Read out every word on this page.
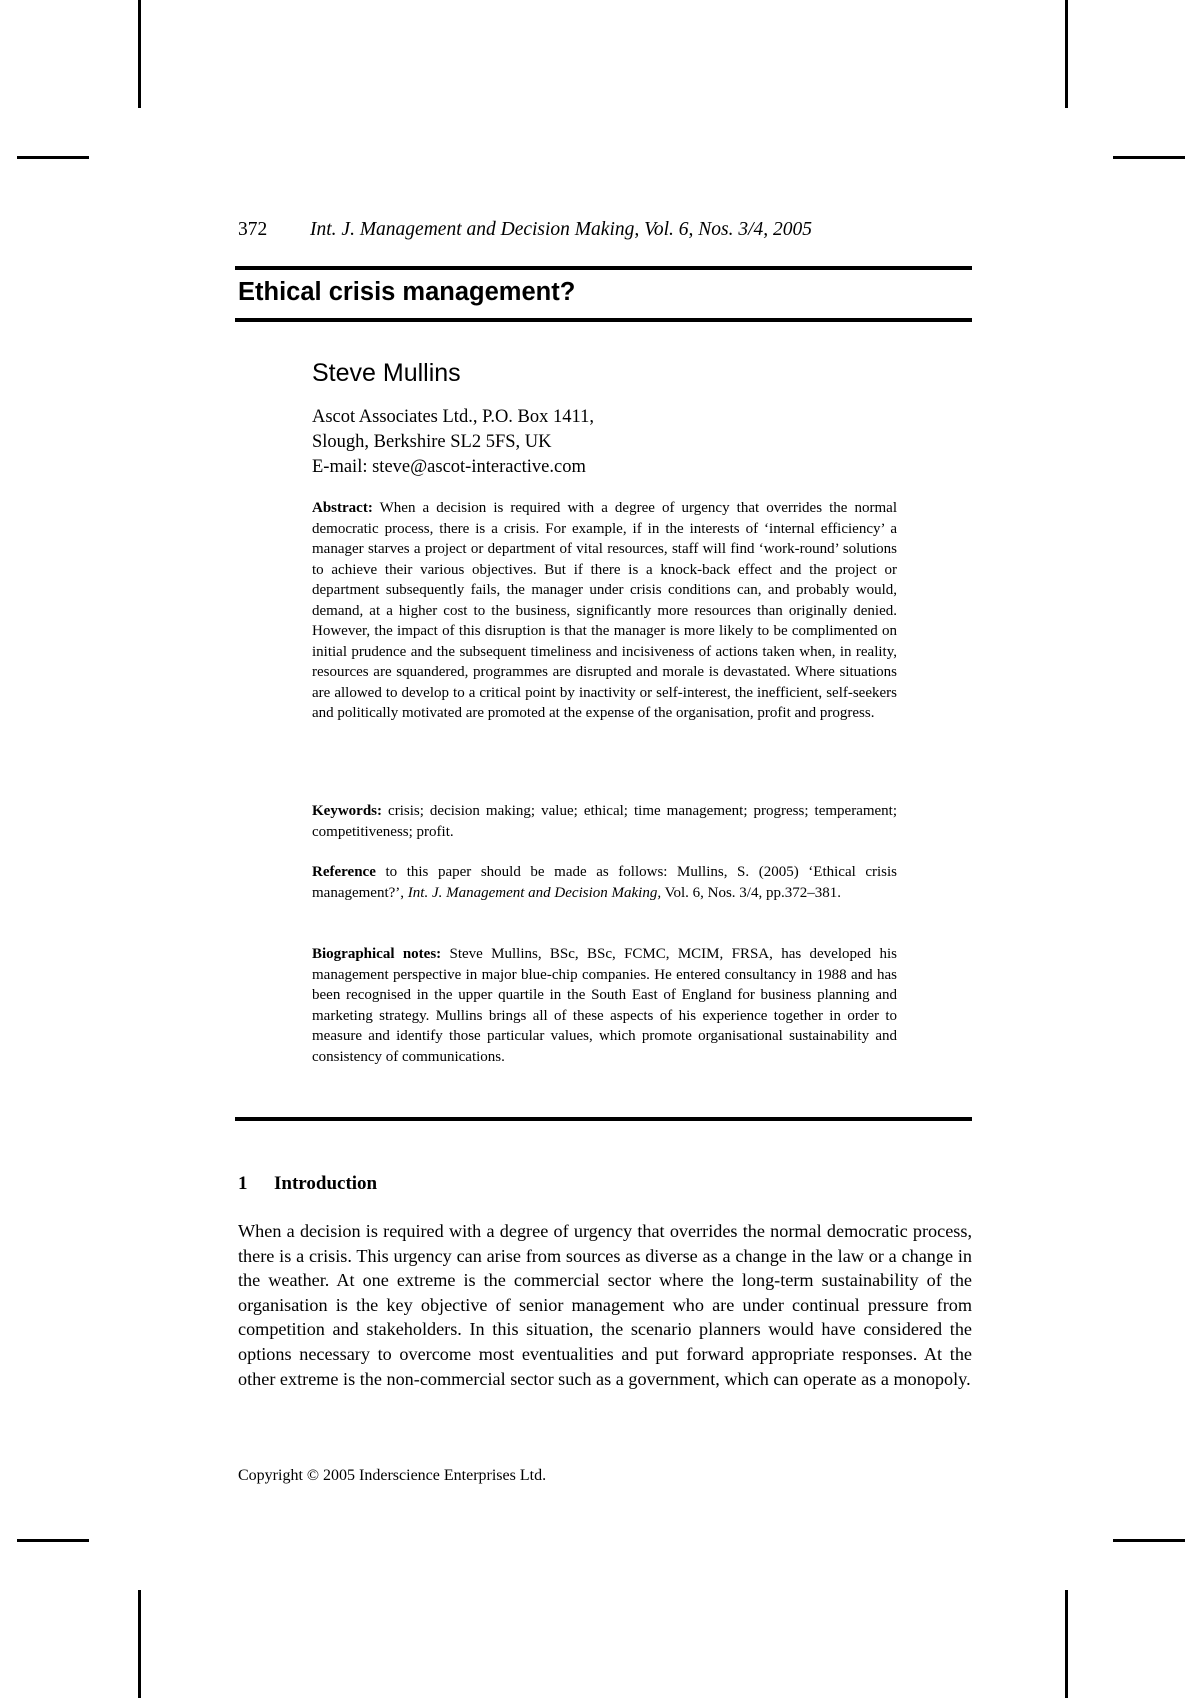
372 Int. J. Management and Decision Making, Vol. 6, Nos. 3/4, 2005
Ethical crisis management?
Steve Mullins
Ascot Associates Ltd., P.O. Box 1411,
Slough, Berkshire SL2 5FS, UK
E-mail: steve@ascot-interactive.com
Abstract: When a decision is required with a degree of urgency that overrides the normal democratic process, there is a crisis. For example, if in the interests of ‘internal efficiency’ a manager starves a project or department of vital resources, staff will find ‘work-round’ solutions to achieve their various objectives. But if there is a knock-back effect and the project or department subsequently fails, the manager under crisis conditions can, and probably would, demand, at a higher cost to the business, significantly more resources than originally denied. However, the impact of this disruption is that the manager is more likely to be complimented on initial prudence and the subsequent timeliness and incisiveness of actions taken when, in reality, resources are squandered, programmes are disrupted and morale is devastated. Where situations are allowed to develop to a critical point by inactivity or self-interest, the inefficient, self-seekers and politically motivated are promoted at the expense of the organisation, profit and progress.
Keywords: crisis; decision making; value; ethical; time management; progress; temperament; competitiveness; profit.
Reference to this paper should be made as follows: Mullins, S. (2005) ‘Ethical crisis management?’, Int. J. Management and Decision Making, Vol. 6, Nos. 3/4, pp.372–381.
Biographical notes: Steve Mullins, BSc, BSc, FCMC, MCIM, FRSA, has developed his management perspective in major blue-chip companies. He entered consultancy in 1988 and has been recognised in the upper quartile in the South East of England for business planning and marketing strategy. Mullins brings all of these aspects of his experience together in order to measure and identify those particular values, which promote organisational sustainability and consistency of communications.
1 Introduction
When a decision is required with a degree of urgency that overrides the normal democratic process, there is a crisis. This urgency can arise from sources as diverse as a change in the law or a change in the weather. At one extreme is the commercial sector where the long-term sustainability of the organisation is the key objective of senior management who are under continual pressure from competition and stakeholders. In this situation, the scenario planners would have considered the options necessary to overcome most eventualities and put forward appropriate responses. At the other extreme is the non-commercial sector such as a government, which can operate as a monopoly.
Copyright © 2005 Inderscience Enterprises Ltd.
